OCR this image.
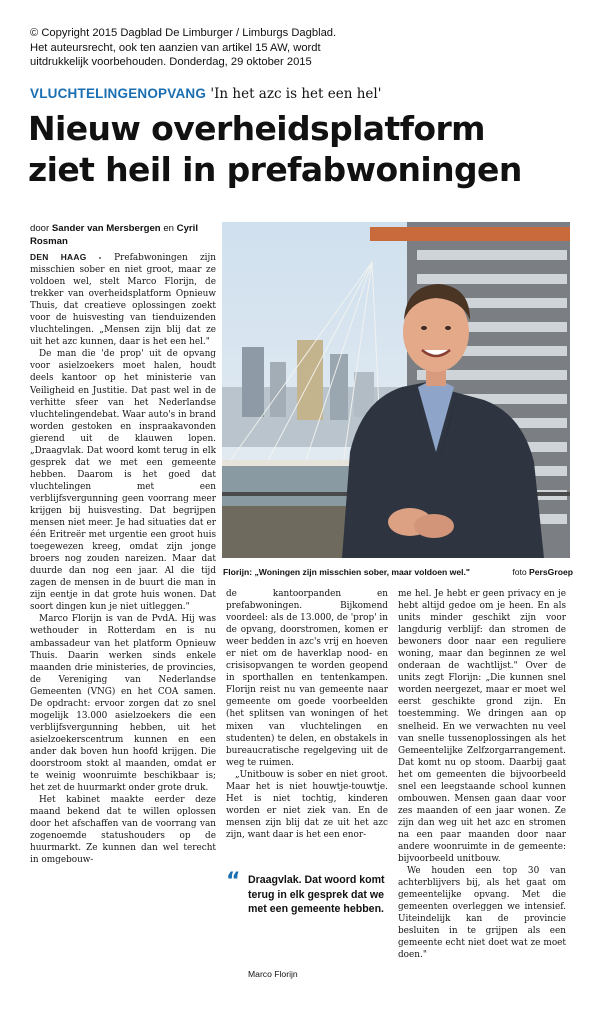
© Copyright 2015 Dagblad De Limburger / Limburgs Dagblad.
Het auteursrecht, ook ten aanzien van artikel 15 AW, wordt
uitdrukkelijk voorbehouden. Donderdag, 29 oktober 2015
VLUCHTELINGENOPVANG 'In het azc is het een hel'
Nieuw overheidsplatform
ziet heil in prefabwoningen
door Sander van Mersbergen en Cyril Rosman

DEN HAAG - Prefabwoningen zijn misschien sober en niet groot, maar ze voldoen wel, stelt Marco Florijn, de trekker van overheidsplatform Opnieuw Thuis, dat creatieve oplossingen zoekt voor de huisvesting van tienduizenden vluchtelingen. „Mensen zijn blij dat ze uit het azc kunnen, daar is het een hel."

De man die 'de prop' uit de opvang voor asielzoekers moet halen, houdt deels kantoor op het ministerie van Veiligheid en Justitie. Dat past wel in de verhitte sfeer van het Nederlandse vluchtelingendebat. Waar auto's in brand worden gestoken en inspraakavonden gierend uit de klauwen lopen. „Draagvlak. Dat woord komt terug in elk gesprek dat we met een gemeente hebben. Daarom is het goed dat vluchtelingen met een verblijfsvergunning geen voorrang meer krijgen bij huisvesting. Dat begrijpen mensen niet meer. Je had situaties dat er één Eritreër met urgentie een groot huis toegewezen kreeg, omdat zijn jonge broers nog zouden nareizen. Maar dat duurde dan nog een jaar. Al die tijd zagen de mensen in de buurt die man in zijn eentje in dat grote huis wonen. Dat soort dingen kun je niet uitleggen."

Marco Florijn is van de PvdA. Hij was wethouder in Rotterdam en is nu ambassadeur van het platform Opnieuw Thuis. Daarin werken sinds enkele maanden drie ministeries, de provincies, de Vereniging van Nederlandse Gemeenten (VNG) en het COA samen. De opdracht: ervoor zorgen dat zo snel mogelijk 13.000 asielzoekers die een verblijfsvergunning hebben, uit het asielzoekerscentrum kunnen en een ander dak boven hun hoofd krijgen. Die doorstroom stokt al maanden, omdat er te weinig woonruimte beschikbaar is; het zet de huurmarkt onder grote druk.

Het kabinet maakte eerder deze maand bekend dat te willen oplossen door het afschaffen van de voorrang van zogenoemde statushouders op de huurmarkt. Ze kunnen dan wel terecht in omgebouw-

Florijn: „Woningen zijn misschien sober, maar voldoen wel."	foto PersGroep

de kantoorpanden en prefabwoningen. Bijkomend voordeel: als de 13.000, de 'prop' in de opvang, doorstromen, komen er weer bedden in azc's vrij en hoeven er niet om de haverklap nood- en crisisopvangen te worden geopend in sporthallen en tentenkampen. Florijn reist nu van gemeente naar gemeente om goede voorbeelden (het splitsen van woningen of het mixen van vluchtelingen en studenten) te delen, en obstakels in bureaucratische regelgeving uit de weg te ruimen.

„Unitbouw is sober en niet groot. Maar het is niet houwtje-touwtje. Het is niet tochtig, kinderen worden er niet ziek van. En de mensen zijn blij dat ze uit het azc zijn, want daar is het een enor-

me hel. Je hebt er geen privacy en je hebt altijd gedoe om je heen. En als units minder geschikt zijn voor langdurig verblijf: dan stromen de bewoners door naar een reguliere woning, maar dan beginnen ze wel onderaan de wachtlijst." Over de units zegt Florijn: „Die kunnen snel worden neergezet, maar er moet wel eerst geschikte grond zijn. En toestemming. We dringen aan op snelheid. En we verwachten nu veel van snelle tussenoplossingen als het Gemeentelijke Zelfzorgarrangement. Dat komt nu op stoom. Daarbij gaat het om gemeenten die bijvoorbeeld snel een leegstaande school kunnen ombouwen. Mensen gaan daar voor zes maanden of een jaar wonen. Ze zijn dan weg uit het azc en stromen na een paar maanden door naar andere woonruimte in de gemeente: bijvoorbeeld unitbouw.

We houden een top 30 van achterblijvers bij, als het gaat om gemeentelijke opvang. Met die gemeenten overleggen we intensief. Uiteindelijk kan de provincie besluiten in te grijpen als een gemeente echt niet doet wat ze moet doen."

“ Draagvlak. Dat woord komt terug in elk gesprek dat we met een gemeente hebben.
Marco Florijn
